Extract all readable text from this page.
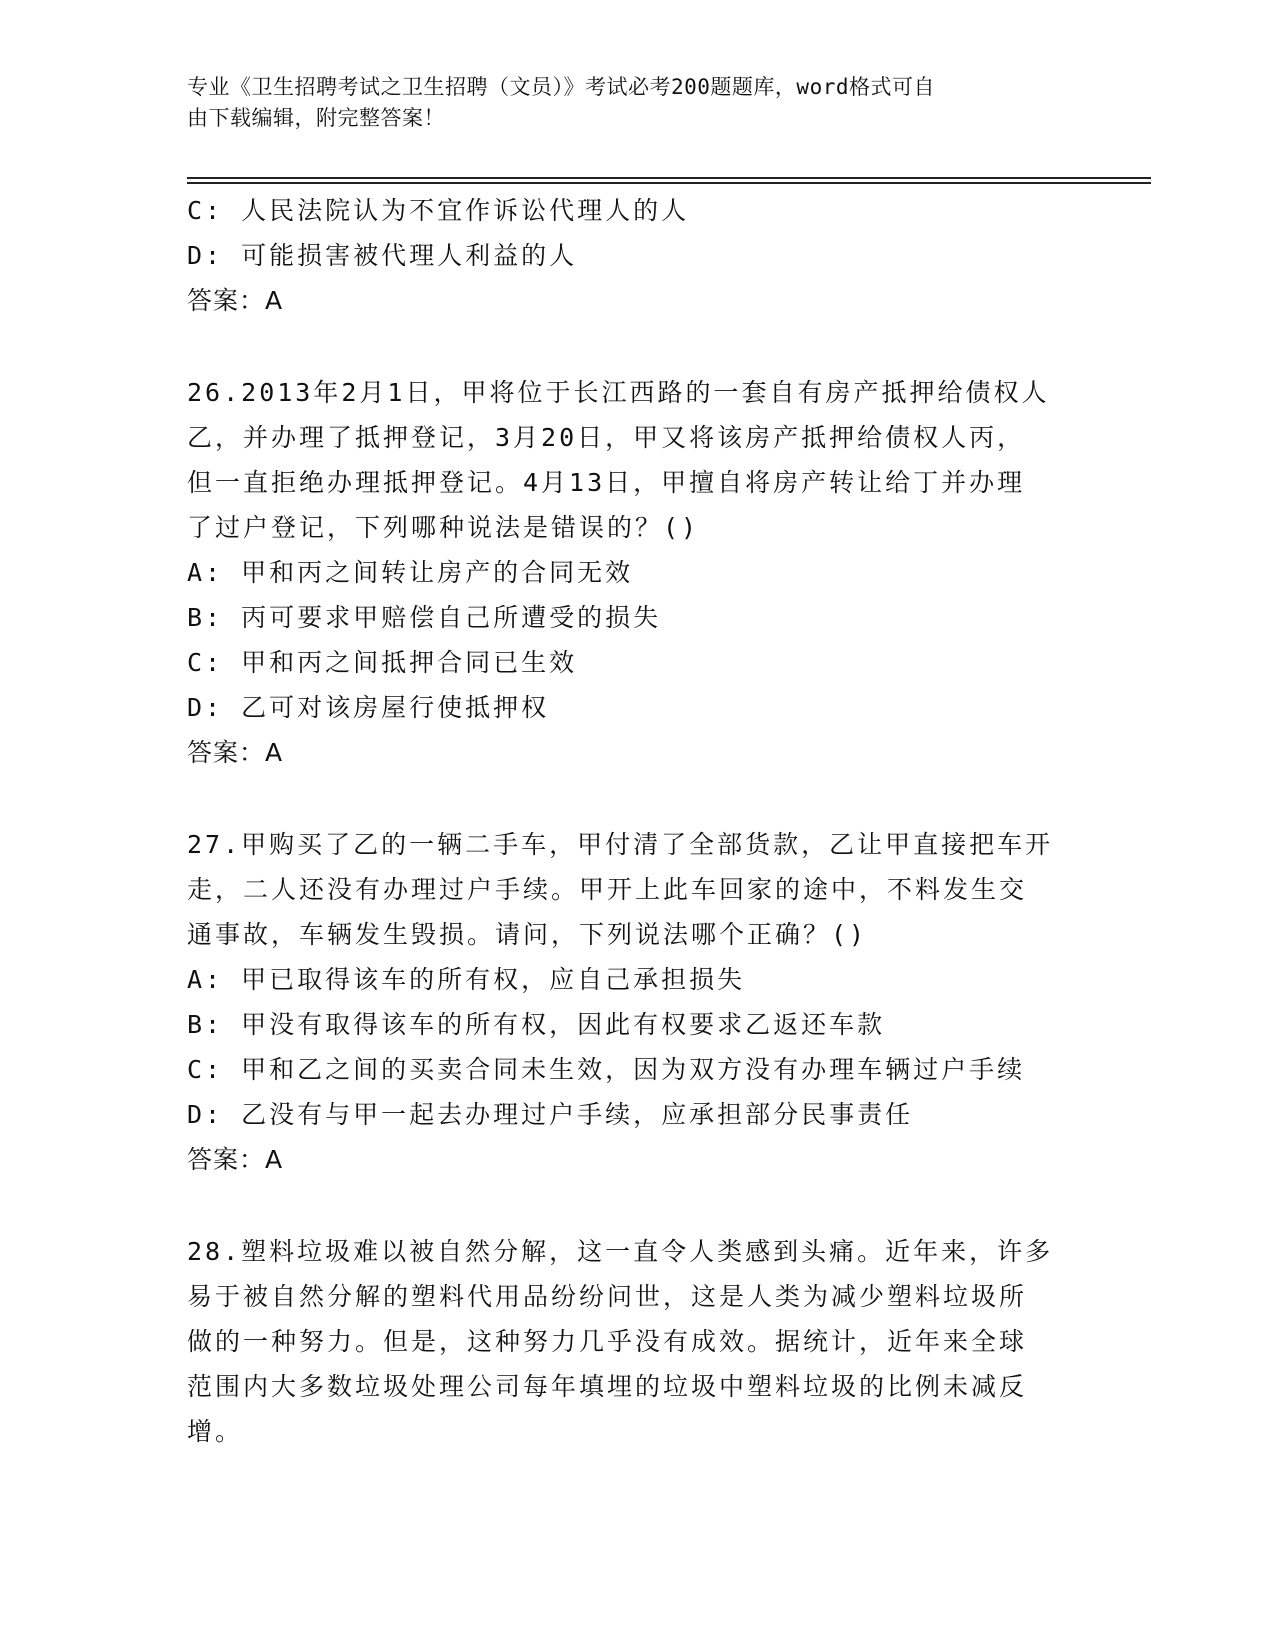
专业《卫生招聘考试之卫生招聘（文员）》考试必考200题题库，word格式可自
由下载编辑，附完整答案！
C: 人民法院认为不宜作诉讼代理人的人
D: 可能损害被代理人利益的人
答案：A
26.2013年2月1日，甲将位于长江西路的一套自有房产抵押给债权人
乙，并办理了抵押登记，3月20日，甲又将该房产抵押给债权人丙，
但一直拒绝办理抵押登记。4月13日，甲擅自将房产转让给丁并办理
了过户登记，下列哪种说法是错误的？()
A: 甲和丙之间转让房产的合同无效
B: 丙可要求甲赔偿自己所遭受的损失
C: 甲和丙之间抵押合同已生效
D: 乙可对该房屋行使抵押权
答案：A
27.甲购买了乙的一辆二手车，甲付清了全部货款，乙让甲直接把车开
走，二人还没有办理过户手续。甲开上此车回家的途中，不料发生交
通事故，车辆发生毁损。请问，下列说法哪个正确？()
A: 甲已取得该车的所有权，应自己承担损失
B: 甲没有取得该车的所有权，因此有权要求乙返还车款
C: 甲和乙之间的买卖合同未生效，因为双方没有办理车辆过户手续
D: 乙没有与甲一起去办理过户手续，应承担部分民事责任
答案：A
28.塑料垃圾难以被自然分解，这一直令人类感到头痛。近年来，许多
易于被自然分解的塑料代用品纷纷问世，这是人类为减少塑料垃圾所
做的一种努力。但是，这种努力几乎没有成效。据统计，近年来全球
范围内大多数垃圾处理公司每年填埋的垃圾中塑料垃圾的比例未减反
增。
